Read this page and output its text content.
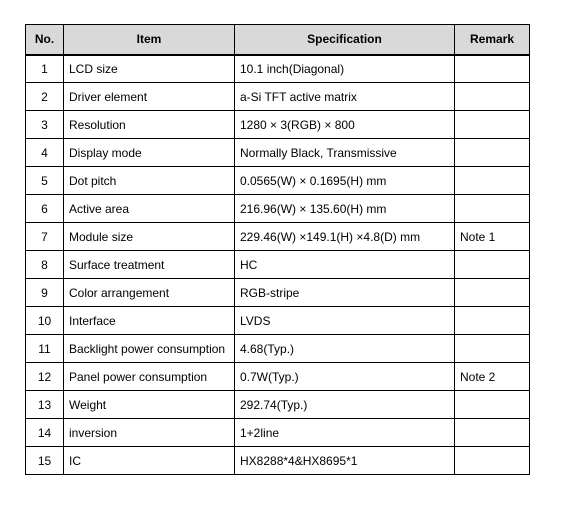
No.	Item	Specification	Remark
1	LCD size	10.1 inch(Diagonal)	
2	Driver element	a-Si TFT active matrix	
3	Resolution	1280 × 3(RGB) × 800	
4	Display mode	Normally Black, Transmissive	
5	Dot pitch	0.0565(W) × 0.1695(H) mm	
6	Active area	216.96(W) × 135.60(H) mm	
7	Module size	229.46(W) ×149.1(H) ×4.8(D) mm	Note 1
8	Surface treatment	HC	
9	Color arrangement	RGB-stripe	
10	Interface	LVDS	
11	Backlight power consumption	4.68(Typ.)	
12	Panel power consumption	0.7W(Typ.)	Note 2
13	Weight	292.74(Typ.)	
14	inversion	1+2line	
15	IC	HX8288*4&HX8695*1	
